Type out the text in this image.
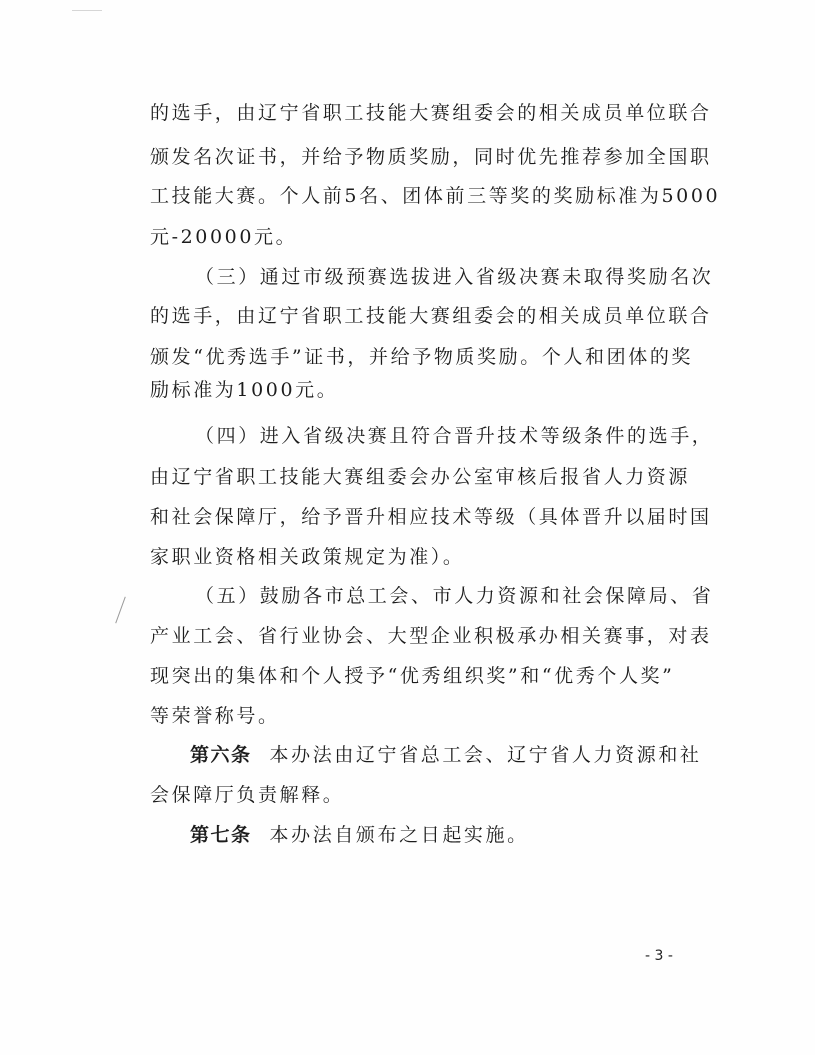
的选手，由辽宁省职工技能大赛组委会的相关成员单位联合
颁发名次证书，并给予物质奖励，同时优先推荐参加全国职
工技能大赛。个人前5名、团体前三等奖的奖励标准为5000
元-20000元。
（三）通过市级预赛选拔进入省级决赛未取得奖励名次
的选手，由辽宁省职工技能大赛组委会的相关成员单位联合
颁发“优秀选手”证书，并给予物质奖励。个人和团体的奖
励标准为1000元。
（四）进入省级决赛且符合晋升技术等级条件的选手，
由辽宁省职工技能大赛组委会办公室审核后报省人力资源
和社会保障厅，给予晋升相应技术等级（具体晋升以届时国
家职业资格相关政策规定为准）。
（五）鼓励各市总工会、市人力资源和社会保障局、省
产业工会、省行业协会、大型企业积极承办相关赛事，对表
现突出的集体和个人授予“优秀组织奖”和“优秀个人奖”
等荣誉称号。
第六条 本办法由辽宁省总工会、辽宁省人力资源和社
会保障厅负责解释。
第七条 本办法自颁布之日起实施。
- 3 -
